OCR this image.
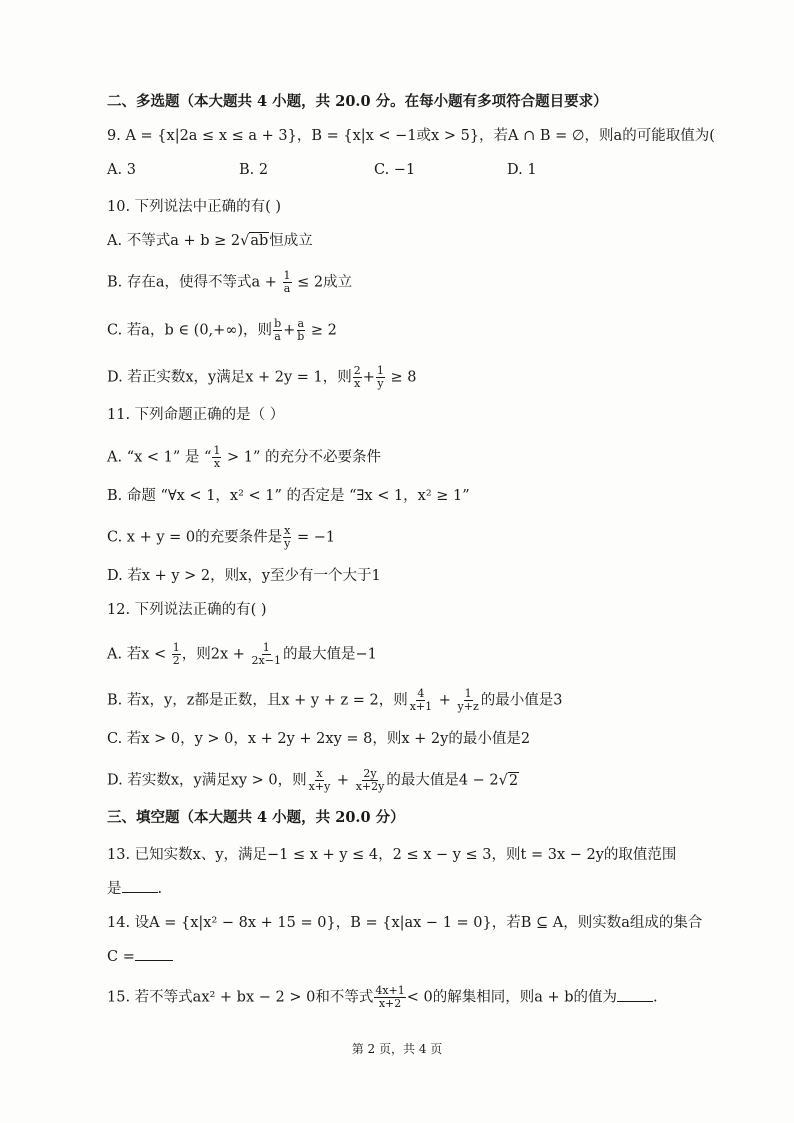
二、多选题（本大题共 4 小题，共 20.0 分。在每小题有多项符合题目要求）
9. A = {x|2a ≤ x ≤ a + 3}，B = {x|x < −1或x > 5}，若A ∩ B = ∅，则a的可能取值为(
A. 3	B. 2	C. −1	D. 1
10. 下列说法中正确的有( )
A. 不等式a + b ≥ 2√ab恒成立
B. 存在a，使得不等式$a + \frac{1}{a} \le 2$成立
C. 若a，b ∈ (0,+∞)，则 $\frac{b}{a} + \frac{a}{b} \ge 2$
D. 若正实数x，y满足x + 2y = 1，则 $\frac{2}{x} + \frac{1}{y} \ge 8$
11. 下列命题正确的是（ ）
A. “x < 1” 是 “ $\frac{1}{x} > 1$” 的充分不必要条件
B. 命题 “∀x < 1，x² < 1” 的否定是 “∃x < 1，x² ≥ 1”
C. x + y = 0的充要条件是 $\frac{x}{y} = -1$
D. 若x + y > 2，则x，y至少有一个大于1
12. 下列说法正确的有( )
A. 若$x < \frac{1}{2}$ ，则$2x + \frac{1}{2x-1}$ 的最大值是−1
B. 若x，y，z都是正数，且x + y + z = 2，则 $\frac{4}{x+1} + \frac{1}{y+z}$ 的最小值是3
C. 若x > 0，y > 0，x + 2y + 2xy = 8，则x + 2y的最小值是2
D. 若实数x，y满足xy > 0，则 $\frac{x}{x+y} + \frac{2y}{x+2y}$ 的最大值是4 − 2√2
三、填空题（本大题共 4 小题，共 20.0 分）
13. 已知实数x、y，满足−1 ≤ x + y ≤ 4，2 ≤ x − y ≤ 3，则t = 3x − 2y的取值范围
是 .
14. 设A = {x|x² − 8x + 15 = 0}，B = {x|ax − 1 = 0}，若B ⊆ A，则实数a组成的集合
C =
15. 若不等式ax² + bx − 2 > 0和不等式 $\frac{4x+1}{x+2} < 0$的解集相同，则a + b的值为 .
第 2 页，共 4 页
